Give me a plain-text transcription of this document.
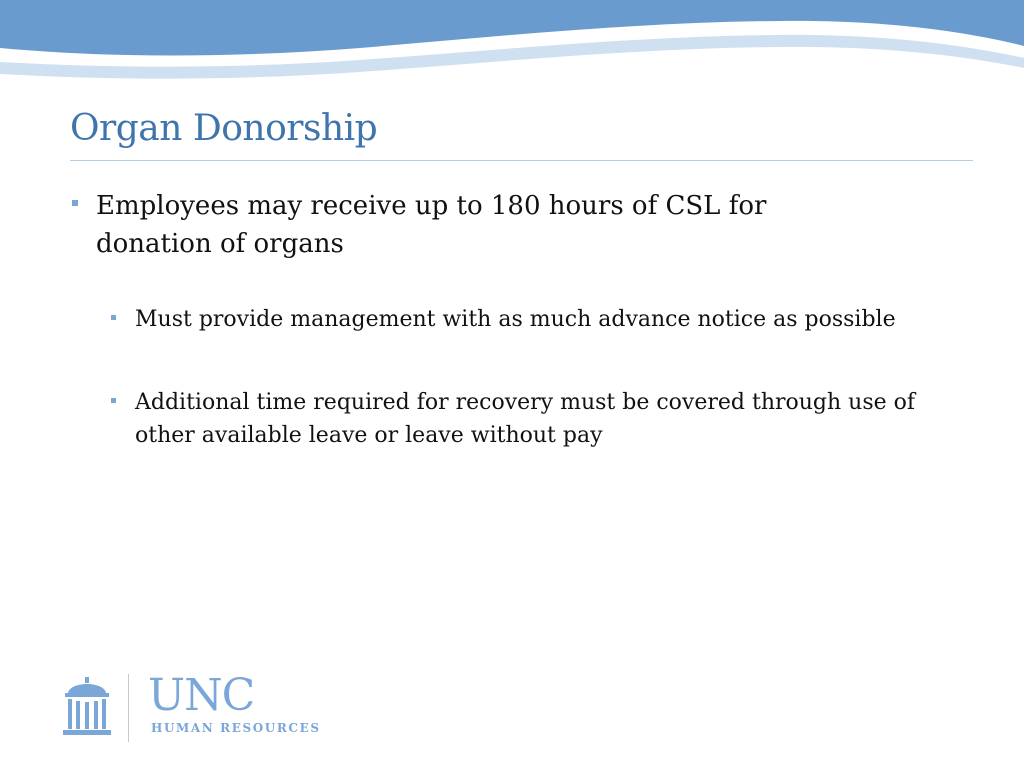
Organ Donorship
Employees may receive up to 180 hours of CSL for donation of organs
Must provide management with as much advance notice as possible
Additional time required for recovery must be covered through use of other available leave or leave without pay
UNC
HUMAN RESOURCES
